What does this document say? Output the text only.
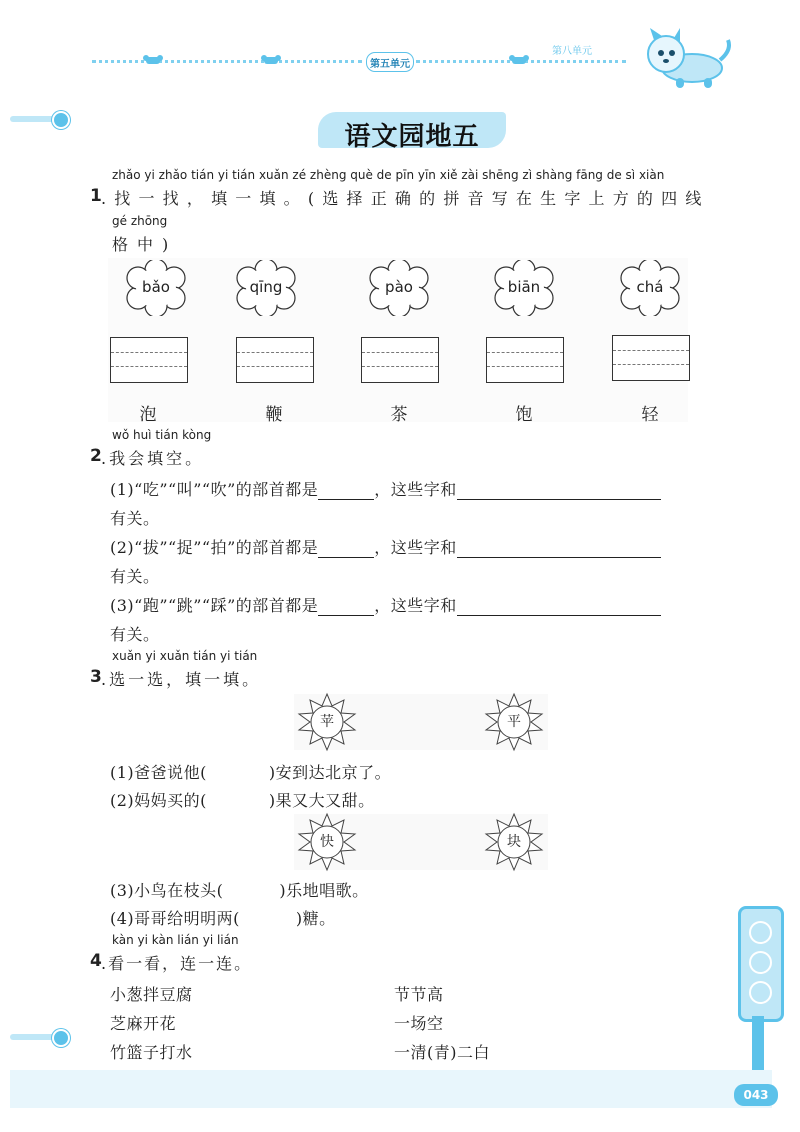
第五单元
第八单元
语文园地五
zhǎo yi zhǎo tián yi tián xuǎn zé zhèng què de pīn yīn xiě zài shēng zì shàng fāng de sì xiàn
1 .找一找，填一填。(选择正确的拼音写在生字上方的四线
gé zhōng
格中)
bǎo	qīng	pào	biān	chá
泡	鞭	茶	饱	轻
wǒ huì tián kòng
2 .我会填空。
(1)“吃”“叫”“吹”的部首都是	，这些字和
有关。
(2)“拔”“捉”“拍”的部首都是	，这些字和
有关。
(3)“跑”“跳”“踩”的部首都是	，这些字和
有关。
xuǎn yi xuǎn tián yi tián
3 .选一选，填一填。
苹	平
(1)爸爸说他(	)安到达北京了。
(2)妈妈买的(	)果又大又甜。
快	块
(3)小鸟在枝头(	)乐地唱歌。
(4)哥哥给明明两(	)糖。
kàn yi kàn lián yi lián
4 .看一看，连一连。
小葱拌豆腐
芝麻开花
竹篮子打水
节节高
一场空
一清(青)二白
043
